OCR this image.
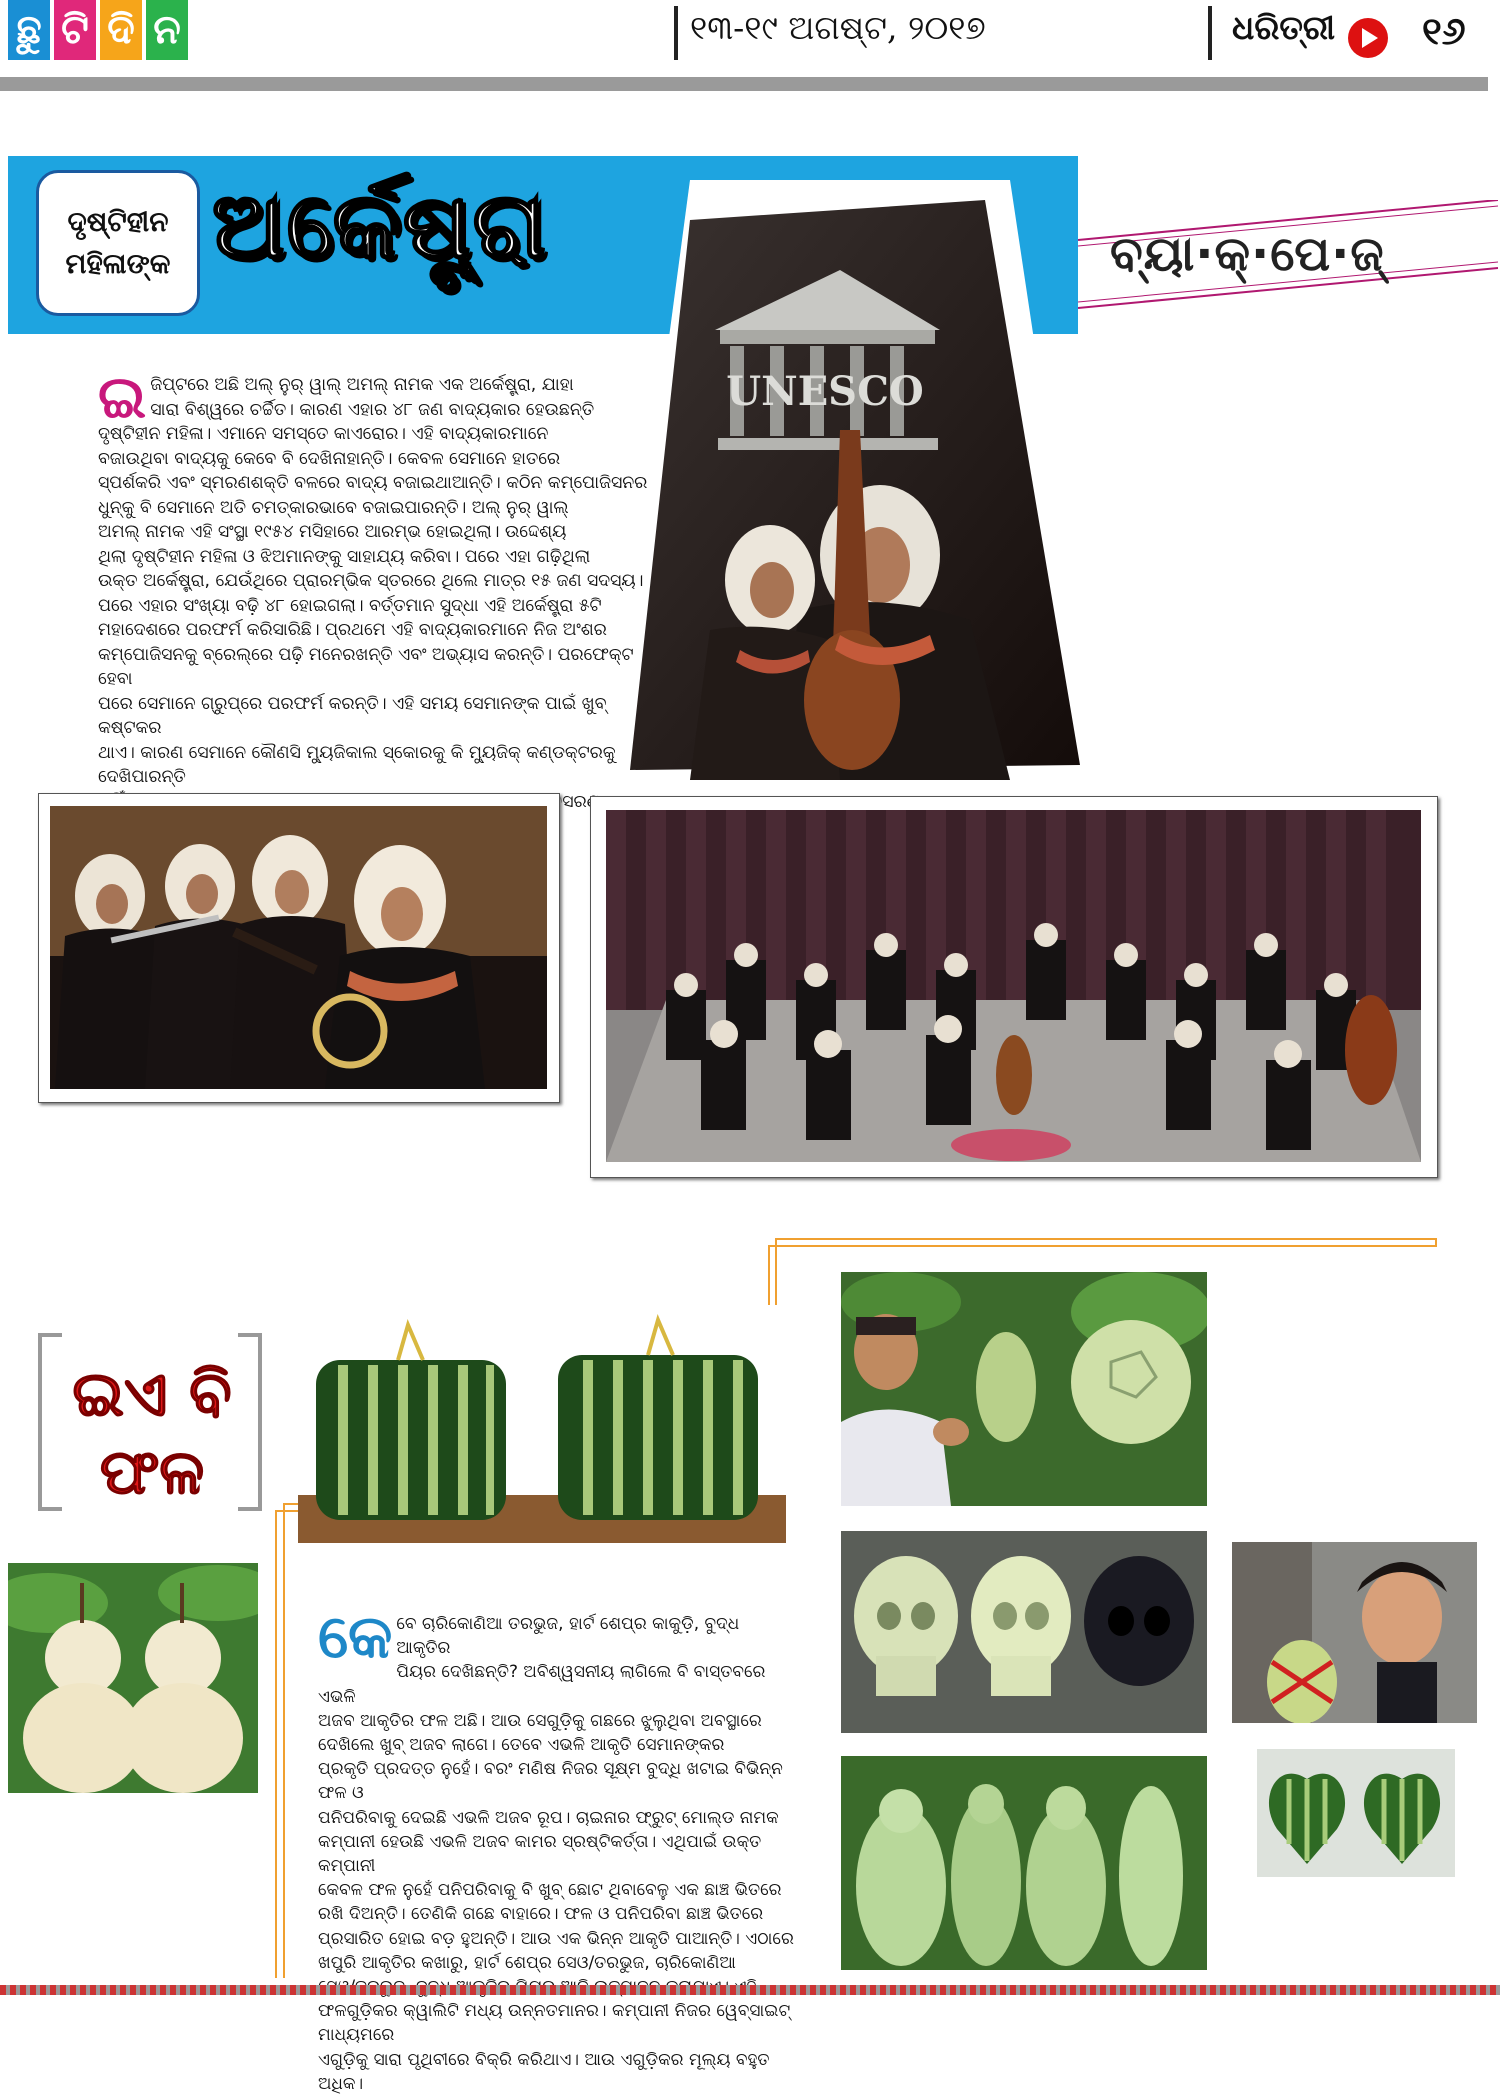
ଛୁ ଟି ଦି ନ	୧୩-୧୯ ଅଗଷ୍ଟ, ୨୦୧୭	ଧରିତ୍ରୀ ୧୬
ଦୃଷ୍ଟିହୀନ
ମହିଳାଙ୍କ ଅର୍କେଷ୍ଟ୍ରା	ବ୍ୟା·କ୍·ପେ·ଜ୍
UNESCO
ଇ ଜିପ୍ଟରେ ଅଛି ଅଲ୍ ନୁର୍ ୱାଲ୍ ଅମଲ୍ ନାମକ ଏକ ଅର୍କେଷ୍ଟ୍ରା, ଯାହା
ସାରା ବିଶ୍ୱରେ ଚର୍ଚ୍ଚିତ। କାରଣ ଏହାର ୪୮ ଜଣ ବାଦ୍ୟକାର ହେଉଛନ୍ତି
ଦୃଷ୍ଟିହୀନ ମହିଳା। ଏମାନେ ସମସ୍ତେ କାଏରୋର। ଏହି ବାଦ୍ୟକାରମାନେ
ବଜାଉଥିବା ବାଦ୍ୟକୁ କେବେ ବି ଦେଖିନାହାନ୍ତି। କେବଳ ସେମାନେ ହାତରେ
ସ୍ପର୍ଶକରି ଏବଂ ସ୍ମରଣଶକ୍ତି ବଳରେ ବାଦ୍ୟ ବଜାଇଥାଆନ୍ତି। କଠିନ କମ୍ପୋଜିସନର
ଧୁନ୍‌କୁ ବି ସେମାନେ ଅତି ଚମତ୍କାରଭାବେ ବଜାଇପାରନ୍ତି। ଅଲ୍ ନୁର୍ ୱାଲ୍
ଅମଲ୍ ନାମକ ଏହି ସଂସ୍ଥା ୧୯୫୪ ମସିହାରେ ଆରମ୍ଭ ହୋଇଥିଲା। ଉଦ୍ଦେଶ୍ୟ
ଥିଲା ଦୃଷ୍ଟିହୀନ ମହିଳା ଓ ଝିଅମାନଙ୍କୁ ସାହାଯ୍ୟ କରିବା। ପରେ ଏହା ଗଢ଼ିଥିଲା
ଉକ୍ତ ଅର୍କେଷ୍ଟ୍ରା, ଯେଉଁଥିରେ ପ୍ରାରମ୍ଭିକ ସ୍ତରରେ ଥିଲେ ମାତ୍ର ୧୫ ଜଣ ସଦସ୍ୟ।
ପରେ ଏହାର ସଂଖ୍ୟା ବଢ଼ି ୪୮ ହୋଇଗଲା। ବର୍ତ୍ତମାନ ସୁଦ୍ଧା ଏହି ଅର୍କେଷ୍ଟ୍ରା ୫ଟି
ମହାଦେଶରେ ପରଫର୍ମ କରିସାରିଛି। ପ୍ରଥମେ ଏହି ବାଦ୍ୟକାରମାନେ ନିଜ ଅଂଶର
କମ୍ପୋଜିସନକୁ ବ୍ରେଲ୍‌ରେ ପଢ଼ି ମନେରଖନ୍ତି ଏବଂ ଅଭ୍ୟାସ କରନ୍ତି। ପରଫେକ୍ଟ ହେବା
ପରେ ସେମାନେ ଗ୍ରୁପ୍‌ରେ ପରଫର୍ମ କରନ୍ତି। ଏହି ସମୟ ସେମାନଙ୍କ ପାଇଁ ଖୁବ୍ କଷ୍ଟକର
ଥାଏ। କାରଣ ସେମାନେ କୌଣସି ମ୍ୟୁଜିକାଲ ସ୍କୋରକୁ କି ମ୍ୟୁଜିକ୍ କଣ୍ଡକ୍ଟରକୁ ଦେଖିପାରନ୍ତି
ଅନୁସରଣ
ଇଏ ବି
ଫଳ
କେ ବେ ଚାରିକୋଣିଆ ତରଭୁଜ, ହାର୍ଟ ଶେପ୍‌ର କାକୁଡ଼ି, ବୁଦ୍ଧ ଆକୃତିର
ପିୟର ଦେଖିଛନ୍ତି? ଅବିଶ୍ୱସନୀୟ ଲାଗିଲେ ବି ବାସ୍ତବରେ ଏଭଳି
ଅଜବ ଆକୃତିର ଫଳ ଅଛି। ଆଉ ସେଗୁଡ଼ିକୁ ଗଛରେ ଝୁଲୁଥିବା ଅବସ୍ଥାରେ
ଦେଖିଲେ ଖୁବ୍ ଅଜବ ଲାଗେ। ତେବେ ଏଭଳି ଆକୃତି ସେମାନଙ୍କର
ପ୍ରକୃତି ପ୍ରଦତ୍ତ ନୁହେଁ। ବରଂ ମଣିଷ ନିଜର ସୂକ୍ଷ୍ମ ବୁଦ୍ଧି ଖଟାଇ ବିଭିନ୍ନ ଫଳ ଓ
ପନିପରିବାକୁ ଦେଇଛି ଏଭଳି ଅଜବ ରୂପ। ଚାଇନାର ଫ୍ରୁଟ୍ ମୋଲ୍ଡ ନାମକ
କମ୍ପାନୀ ହେଉଛି ଏଭଳି ଅଜବ କାମର ସ୍ରଷ୍ଟିକର୍ତ୍ତା। ଏଥିପାଇଁ ଉକ୍ତ କମ୍ପାନୀ
କେବଳ ଫଳ ନୁହେଁ ପନିପରିବାକୁ ବି ଖୁବ୍ ଛୋଟ ଥିବାବେଳୁ ଏକ ଛାଞ୍ଚ ଭିତରେ
ରଖି ଦିଅନ୍ତି। ତେଣିକି ଗଛେ ବାହାରେ। ଫଳ ଓ ପନିପରିବା ଛାଞ୍ଚ ଭିତରେ
ପ୍ରସାରିତ ହୋଇ ବଡ଼ ହୁଅନ୍ତି। ଆଉ ଏକ ଭିନ୍ନ ଆକୃତି ପାଆନ୍ତି। ଏଠାରେ
ଖପୁରି ଆକୃତିର କଖାରୁ, ହାର୍ଟ ଶେପ୍‌ର ସେଓ/ତରଭୁଜ, ଚାରିକୋଣିଆ
ଫଳଗୁଡ଼ିକର କ୍ୱାଲିଟି ମଧ୍ୟ ଉନ୍ନତମାନର। କମ୍ପାନୀ ନିଜର ୱେବ୍‌ସାଇଟ୍ ମାଧ୍ୟମରେ
ଏଗୁଡ଼ିକୁ ସାରା ପୃଥିବୀରେ ବିକ୍ରି କରିଥାଏ। ଆଉ ଏଗୁଡ଼ିକର ମୂଲ୍ୟ ବହୁତ ଅଧିକ।
